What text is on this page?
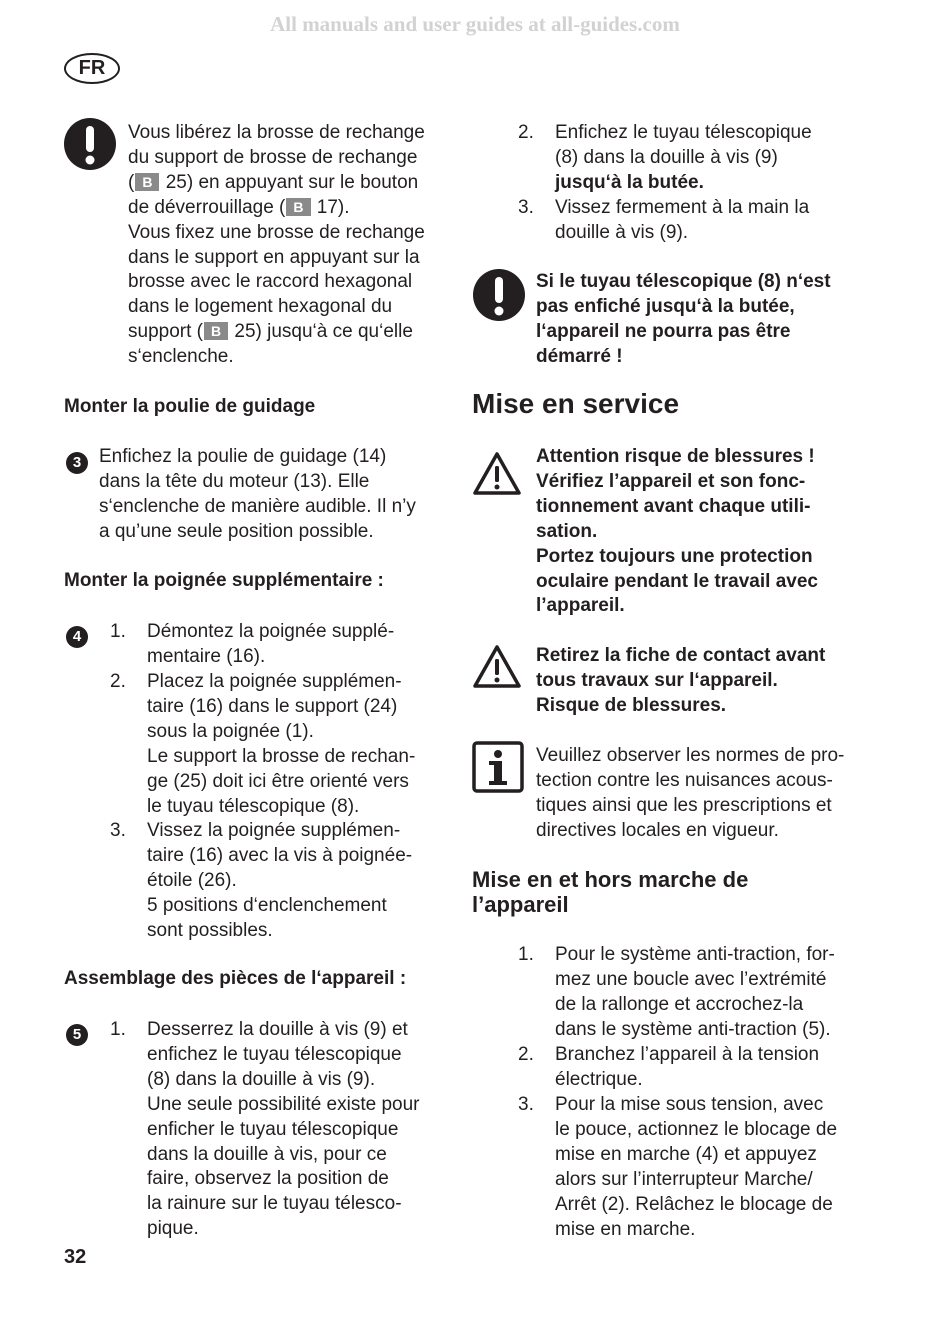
All manuals and user guides at all-guides.com
FR
Vous libérez la brosse de rechange
du support de brosse de rechange
( B 25) en appuyant sur le bouton
de déverrouillage ( B 17).
Vous fixez une brosse de rechange
dans le support en appuyant sur la
brosse avec le raccord hexagonal
dans le logement hexagonal du
support ( B 25) jusqu‘à ce qu‘elle
s‘enclenche.
Monter la poulie de guidage
3 Enfichez la poulie de guidage (14)
dans la tête du moteur (13). Elle
s‘enclenche de manière audible. Il n’y
a qu’une seule position possible.
Monter la poignée supplémentaire :
4	1. Démontez la poignée supplé-
mentaire (16).
2. Placez la poignée supplémen-
taire (16) dans le support (24)
sous la poignée (1).
Le support la brosse de rechan-
ge (25) doit ici être orienté vers
le tuyau télescopique (8).
3. Vissez la poignée supplémen-
taire (16) avec la vis à poignée-
étoile (26).
5 positions d‘enclenchement
sont possibles.
Assemblage des pièces de l‘appareil :
5	1. Desserrez la douille à vis (9) et
enfichez le tuyau télescopique
(8) dans la douille à vis (9).
Une seule possibilité existe pour
enficher le tuyau télescopique
dans la douille à vis, pour ce
faire, observez la position de
la rainure sur le tuyau télesco-
pique.
32
2. Enfichez le tuyau télescopique
(8) dans la douille à vis (9)
jusqu‘à la butée.
3. Vissez fermement à la main la
douille à vis (9).
Si le tuyau télescopique (8) n‘est
pas enfiché jusqu‘à la butée,
l‘appareil ne pourra pas être
démarré !
Mise en service
Attention risque de blessures !
Vérifiez l’appareil et son fonc-
tionnement avant chaque utili-
sation.
Portez toujours une protection
oculaire pendant le travail avec
l’appareil.
Retirez la fiche de contact avant
tous travaux sur l‘appareil.
Risque de blessures.
Veuillez observer les normes de pro-
tection contre les nuisances acous-
tiques ainsi que les prescriptions et
directives locales en vigueur.
Mise en et hors marche de
l’appareil
1. Pour le système anti-traction, for-
mez une boucle avec l’extrémité
de la rallonge et accrochez-la
dans le système anti-traction (5).
2. Branchez l’appareil à la tension
électrique.
3. Pour la mise sous tension, avec
le pouce, actionnez le blocage de
mise en marche (4) et appuyez
alors sur l’interrupteur Marche/
Arrêt (2). Relâchez le blocage de
mise en marche.
